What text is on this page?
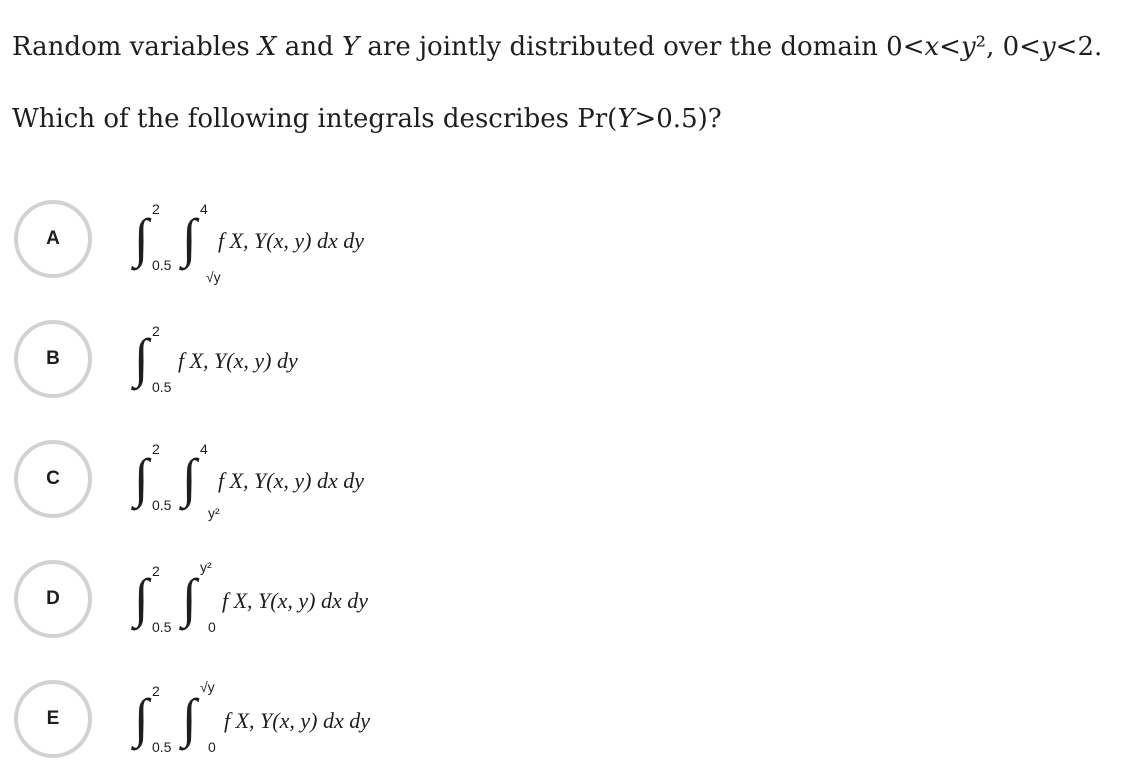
Random variables X and Y are jointly distributed over the domain 0<x<y², 0<y<2.
Which of the following integrals describes Pr(Y>0.5)?
A	∫ 2
0.5 ∫ 4
√y
f X, Y(x, y) dx dy
B	∫ 2
0.5
f X, Y(x, y) dy
C	∫ 2
0.5 ∫ 4
y²
f X, Y(x, y) dx dy
D	∫ 2
0.5 ∫
y²
0
f X, Y(x, y) dx dy
E	∫ 2
0.5 ∫
√y
0
f X, Y(x, y) dx dy
